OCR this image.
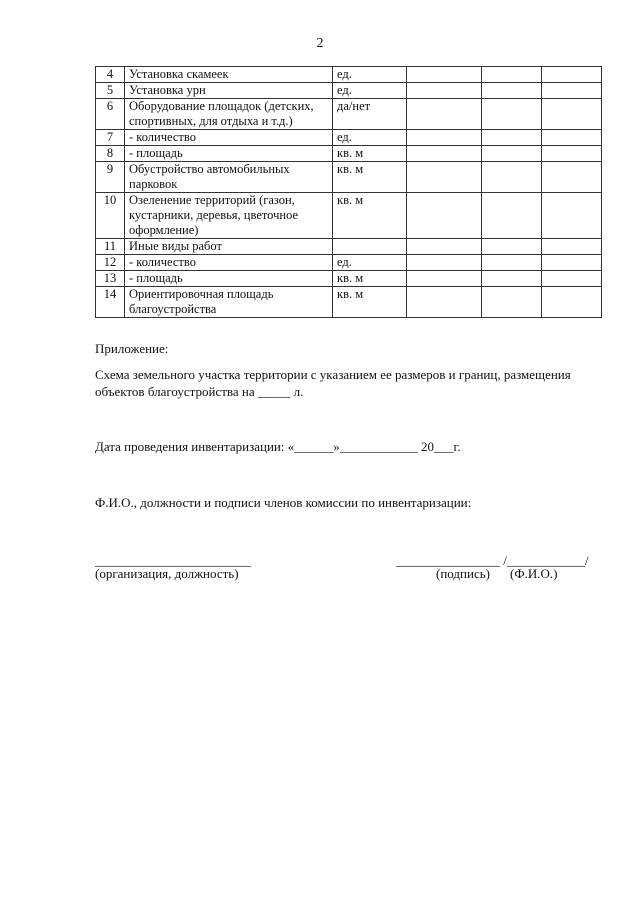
2
4	Установка скамеек	ед.			
5	Установка урн	ед.			
6	Оборудование площадок (детских, спортивных, для отдыха и т.д.)	да/нет			
7	- количество	ед.			
8	- площадь	кв. м			
9	Обустройство автомобильных парковок	кв. м			
10	Озеленение территорий (газон, кустарники, деревья, цветочное оформление)	кв. м			
11	Иные виды работ				
12	- количество	ед.			
13	- площадь	кв. м			
14	Ориентировочная площадь благоустройства	кв. м			
Приложение:
Схема земельного участка территории с указанием ее размеров и границ, размещения объектов благоустройства на _____ л.
Дата проведения инвентаризации: «______»____________ 20___г.
Ф.И.О., должности и подписи членов комиссии по инвентаризации:
________________________	________________ /____________/
(организация, должность)	(подпись) (Ф.И.О.)
